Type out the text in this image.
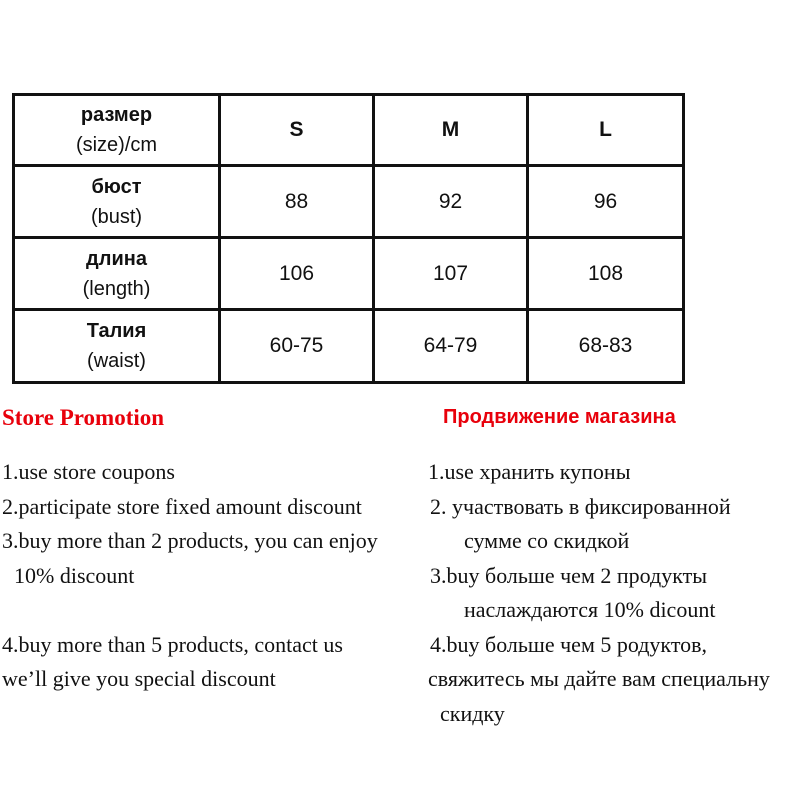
размер
(size)/cm	S	M	L

бюст
(bust)	88	92	96

длина
(length)	106	107	108

Талия
(waist)	60-75	64-79	68-83
Store Promotion	Продвижение магазина
1.use store coupons
2.participate store fixed amount discount
3.buy more than 2 products, you can enjoy
10% discount
4.buy more than 5 products, contact us
we’ll give you special discount
1.use хранить купоны
2. участвовать в фиксированной
сумме со скидкой
3.buy больше чем 2 продукты
наслаждаются 10% dicount
4.buy больше чем 5 родуктов,
свяжитесь мы дайте вам специальну
скидку
